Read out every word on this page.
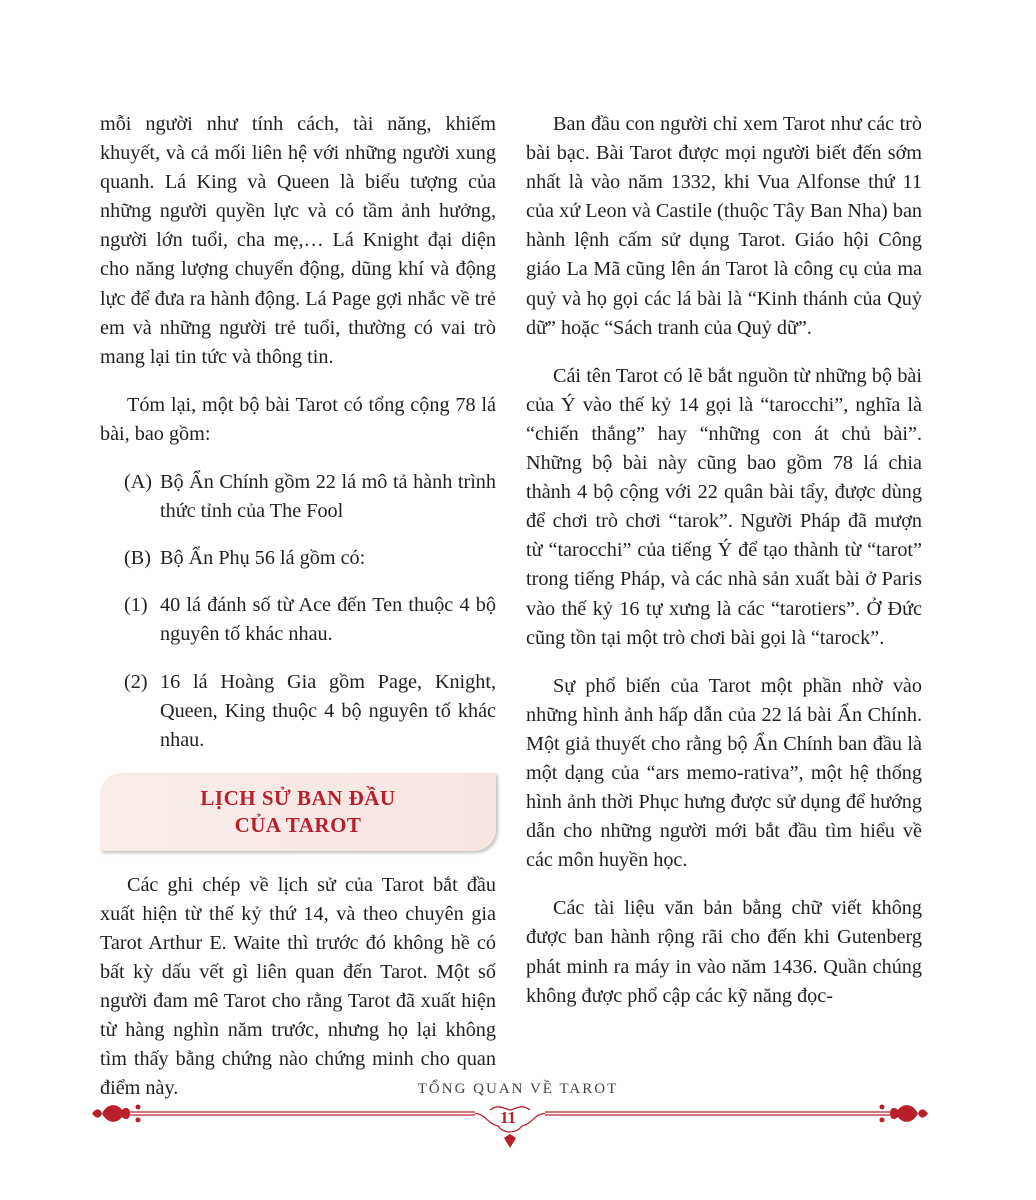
mỗi người như tính cách, tài năng, khiếm khuyết, và cả mối liên hệ với những người xung quanh. Lá King và Queen là biểu tượng của những người quyền lực và có tầm ảnh hưởng, người lớn tuổi, cha mẹ,… Lá Knight đại diện cho năng lượng chuyển động, dũng khí và động lực để đưa ra hành động. Lá Page gợi nhắc về trẻ em và những người trẻ tuổi, thường có vai trò mang lại tin tức và thông tin.

Tóm lại, một bộ bài Tarot có tổng cộng 78 lá bài, bao gồm:

(A) Bộ Ẩn Chính gồm 22 lá mô tả hành trình thức tỉnh của The Fool
(B) Bộ Ẩn Phụ 56 lá gồm có:
(1) 40 lá đánh số từ Ace đến Ten thuộc 4 bộ nguyên tố khác nhau.
(2) 16 lá Hoàng Gia gồm Page, Knight, Queen, King thuộc 4 bộ nguyên tố khác nhau.
LỊCH SỬ BAN ĐẦU
CỦA TAROT

Các ghi chép về lịch sử của Tarot bắt đầu xuất hiện từ thế kỷ thứ 14, và theo chuyên gia Tarot Arthur E. Waite thì trước đó không hề có bất kỳ dấu vết gì liên quan đến Tarot. Một số người đam mê Tarot cho rằng Tarot đã xuất hiện từ hàng nghìn năm trước, nhưng họ lại không tìm thấy bằng chứng nào chứng minh cho quan điểm này.

Ban đầu con người chỉ xem Tarot như các trò bài bạc. Bài Tarot được mọi người biết đến sớm nhất là vào năm 1332, khi Vua Alfonse thứ 11 của xứ Leon và Castile (thuộc Tây Ban Nha) ban hành lệnh cấm sử dụng Tarot. Giáo hội Công giáo La Mã cũng lên án Tarot là công cụ của ma quỷ và họ gọi các lá bài là “Kinh thánh của Quỷ dữ” hoặc “Sách tranh của Quỷ dữ”.

Cái tên Tarot có lẽ bắt nguồn từ những bộ bài của Ý vào thế kỷ 14 gọi là “tarocchi”, nghĩa là “chiến thắng” hay “những con át chủ bài”. Những bộ bài này cũng bao gồm 78 lá chia thành 4 bộ cộng với 22 quân bài tẩy, được dùng để chơi trò chơi “tarok”. Người Pháp đã mượn từ “tarocchi” của tiếng Ý để tạo thành từ “tarot” trong tiếng Pháp, và các nhà sản xuất bài ở Paris vào thế kỷ 16 tự xưng là các “tarotiers”. Ở Đức cũng tồn tại một trò chơi bài gọi là “tarock”.

Sự phổ biến của Tarot một phần nhờ vào những hình ảnh hấp dẫn của 22 lá bài Ẩn Chính. Một giả thuyết cho rằng bộ Ẩn Chính ban đầu là một dạng của “ars memo-rativa”, một hệ thống hình ảnh thời Phục hưng được sử dụng để hướng dẫn cho những người mới bắt đầu tìm hiểu về các môn huyền học.

Các tài liệu văn bản bằng chữ viết không được ban hành rộng rãi cho đến khi Gutenberg phát minh ra máy in vào năm 1436. Quần chúng không được phổ cập các kỹ năng đọc-

TỔNG QUAN VỀ TAROT
11
